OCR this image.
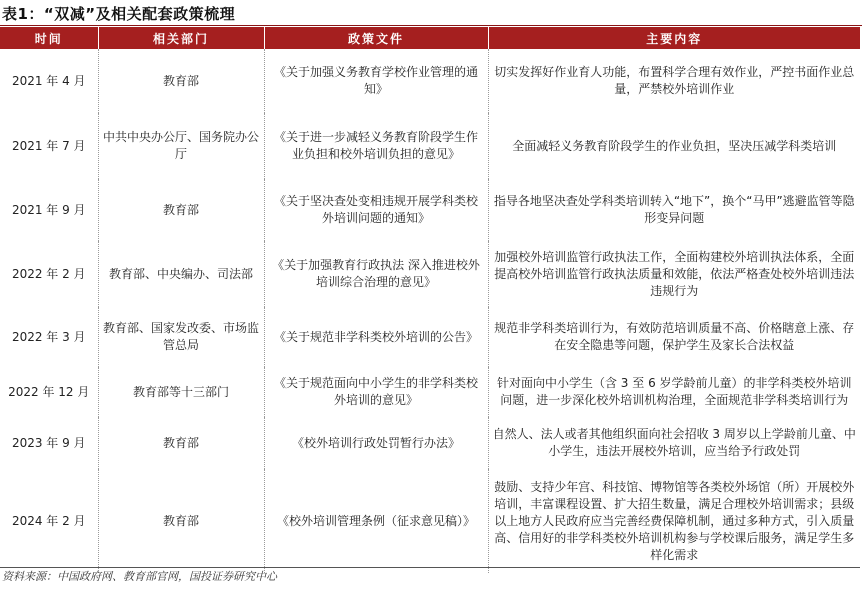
表1：“双减”及相关配套政策梳理
时间	相关部门	政策文件	主要内容
2021 年 4 月	教育部	《关于加强义务教育学校作业管理的通知》	切实发挥好作业育人功能，布置科学合理有效作业，严控书面作业总量，严禁校外培训作业
2021 年 7 月	中共中央办公厅、国务院办公厅	《关于进一步减轻义务教育阶段学生作业负担和校外培训负担的意见》	全面减轻义务教育阶段学生的作业负担，坚决压减学科类培训
2021 年 9 月	教育部	《关于坚决查处变相违规开展学科类校外培训问题的通知》	指导各地坚决查处学科类培训转入“地下”，换个“马甲”逃避监管等隐形变异问题
2022 年 2 月	教育部、中央编办、司法部	《关于加强教育行政执法 深入推进校外培训综合治理的意见》	加强校外培训监管行政执法工作，全面构建校外培训执法体系，全面提高校外培训监管行政执法质量和效能，依法严格查处校外培训违法违规行为
2022 年 3 月	教育部、国家发改委、市场监管总局	《关于规范非学科类校外培训的公告》	规范非学科类培训行为，有效防范培训质量不高、价格瞎意上涨、存在安全隐患等问题，保护学生及家长合法权益
2022 年 12 月	教育部等十三部门	《关于规范面向中小学生的非学科类校外培训的意见》	针对面向中小学生（含 3 至 6 岁学龄前儿童）的非学科类校外培训问题，进一步深化校外培训机构治理，全面规范非学科类培训行为
2023 年 9 月	教育部	《校外培训行政处罚暂行办法》	自然人、法人或者其他组织面向社会招收 3 周岁以上学龄前儿童、中小学生，违法开展校外培训，应当给予行政处罚
2024 年 2 月	教育部	《校外培训管理条例（征求意见稿）》	鼓励、支持少年宫、科技馆、博物馆等各类校外场馆（所）开展校外培训，丰富课程设置、扩大招生数量，满足合理校外培训需求；县级以上地方人民政府应当完善经费保障机制，通过多种方式，引入质量高、信用好的非学科类校外培训机构参与学校课后服务，满足学生多样化需求
资料来源：中国政府网、教育部官网，国投证券研究中心
